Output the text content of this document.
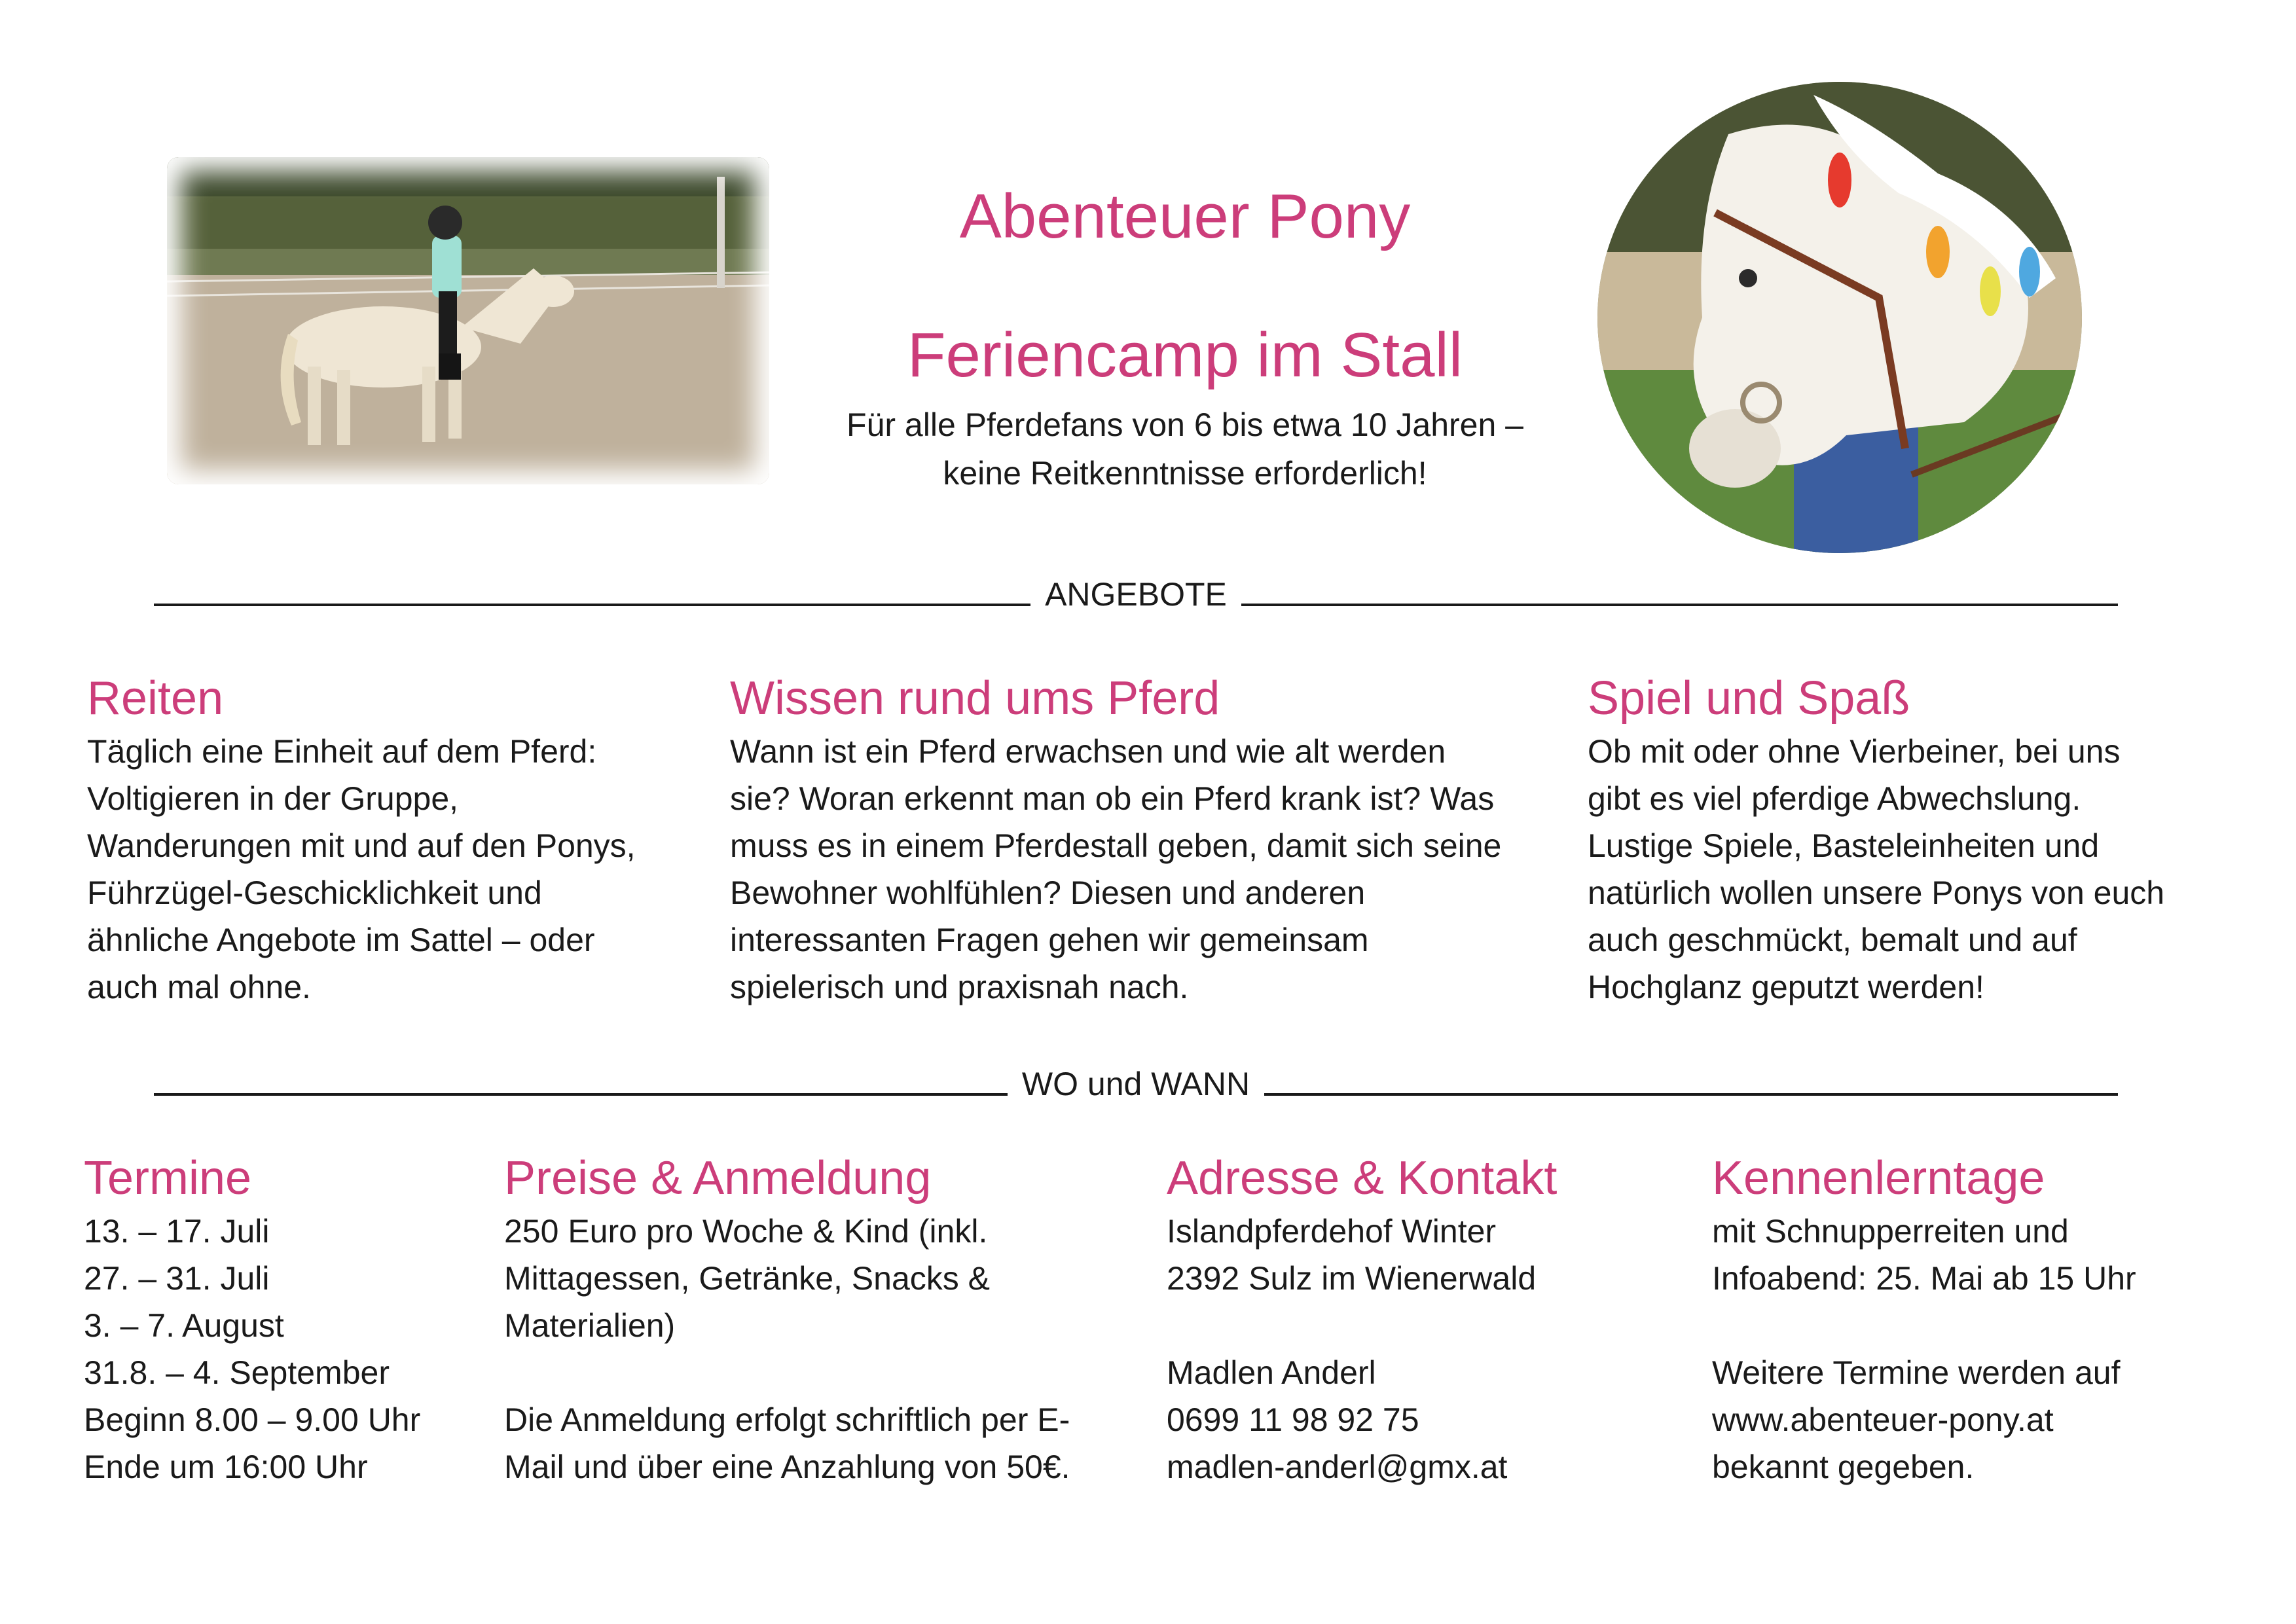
Abenteuer Pony
Feriencamp im Stall
Für alle Pferdefans von 6 bis etwa 10 Jahren –
keine Reitkenntnisse erforderlich!
ANGEBOTE
Reiten

Täglich eine Einheit auf dem Pferd:
Voltigieren in der Gruppe,
Wanderungen mit und auf den Ponys,
Führzügel-Geschicklichkeit und
ähnliche Angebote im Sattel – oder
auch mal ohne.

Wissen rund ums Pferd

Wann ist ein Pferd erwachsen und wie alt werden
sie? Woran erkennt man ob ein Pferd krank ist? Was
muss es in einem Pferdestall geben, damit sich seine
Bewohner wohlfühlen? Diesen und anderen
interessanten Fragen gehen wir gemeinsam
spielerisch und praxisnah nach.

Spiel und Spaß

Ob mit oder ohne Vierbeiner, bei uns
gibt es viel pferdige Abwechslung.
Lustige Spiele, Basteleinheiten und
natürlich wollen unsere Ponys von euch
auch geschmückt, bemalt und auf
Hochglanz geputzt werden!

WO und WANN
Termine

13. – 17. Juli
27. – 31. Juli
3. – 7. August
31.8. – 4. September
Beginn 8.00 – 9.00 Uhr
Ende um 16:00 Uhr

Preise & Anmeldung

250 Euro pro Woche & Kind (inkl.
Mittagessen, Getränke, Snacks &
Materialien)

Die Anmeldung erfolgt schriftlich per E-
Mail und über eine Anzahlung von 50€.

Adresse & Kontakt

Islandpferdehof Winter
2392 Sulz im Wienerwald

Madlen Anderl
0699 11 98 92 75
madlen-anderl@gmx.at

Kennenlerntage

mit Schnupperreiten und
Infoabend: 25. Mai ab 15 Uhr

Weitere Termine werden auf
www.abenteuer-pony.at
bekannt gegeben.
